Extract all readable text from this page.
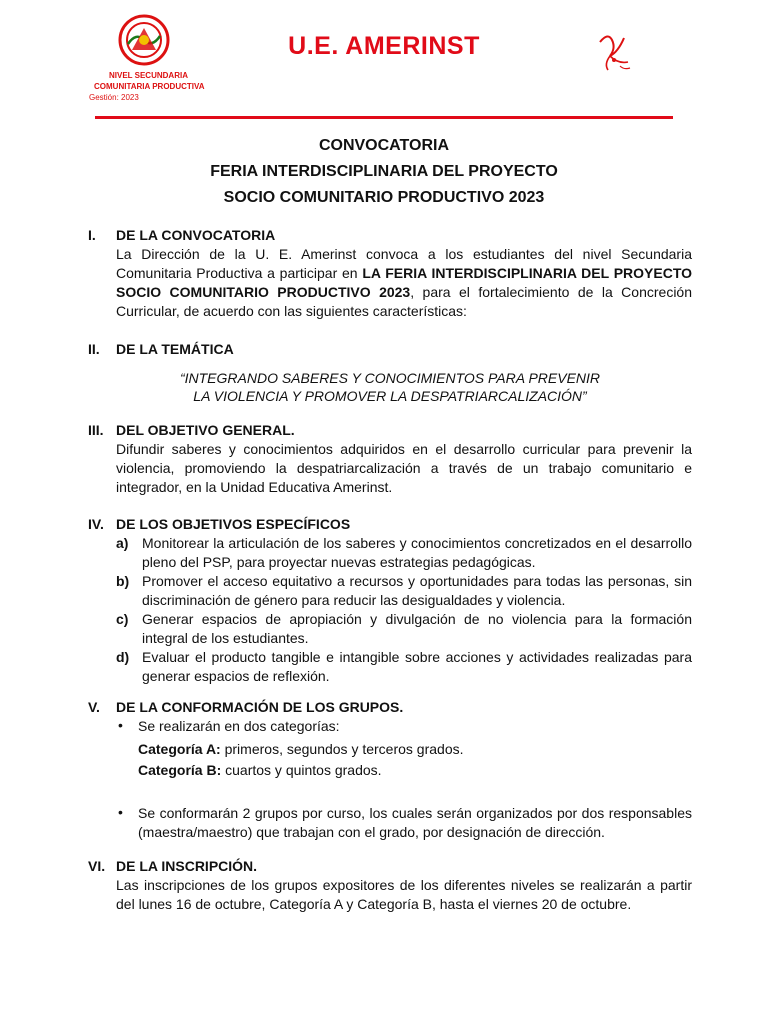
U.E. AMERINST
NIVEL SECUNDARIA
COMUNITARIA PRODUCTIVA
Gestión: 2023
CONVOCATORIA
FERIA INTERDISCIPLINARIA DEL PROYECTO
SOCIO COMUNITARIO PRODUCTIVO 2023
I. DE LA CONVOCATORIA
La Dirección de la U. E. Amerinst convoca a los estudiantes del nivel Secundaria Comunitaria Productiva a participar en LA FERIA INTERDISCIPLINARIA DEL PROYECTO SOCIO COMUNITARIO PRODUCTIVO 2023, para el fortalecimiento de la Concreción Curricular, de acuerdo con las siguientes características:
II. DE LA TEMÁTICA
“INTEGRANDO SABERES Y CONOCIMIENTOS PARA PREVENIR
LA VIOLENCIA Y PROMOVER LA DESPATRIARCALIZACIÓN”
III. DEL OBJETIVO GENERAL.
Difundir saberes y conocimientos adquiridos en el desarrollo curricular para prevenir la violencia, promoviendo la despatriarcalización a través de un trabajo comunitario e integrador, en la Unidad Educativa Amerinst.
IV. DE LOS OBJETIVOS ESPECÍFICOS
a) Monitorear la articulación de los saberes y conocimientos concretizados en el desarrollo pleno del PSP, para proyectar nuevas estrategias pedagógicas.
b) Promover el acceso equitativo a recursos y oportunidades para todas las personas, sin discriminación de género para reducir las desigualdades y violencia.
c) Generar espacios de apropiación y divulgación de no violencia para la formación integral de los estudiantes.
d) Evaluar el producto tangible e intangible sobre acciones y actividades realizadas para generar espacios de reflexión.
V. DE LA CONFORMACIÓN DE LOS GRUPOS.
• Se realizarán en dos categorías:
Categoría A: primeros, segundos y terceros grados.
Categoría B: cuartos y quintos grados.
• Se conformarán 2 grupos por curso, los cuales serán organizados por dos responsables (maestra/maestro) que trabajan con el grado, por designación de dirección.
VI. DE LA INSCRIPCIÓN.
Las inscripciones de los grupos expositores de los diferentes niveles se realizarán a partir del lunes 16 de octubre, Categoría A y Categoría B, hasta el viernes 20 de octubre.
